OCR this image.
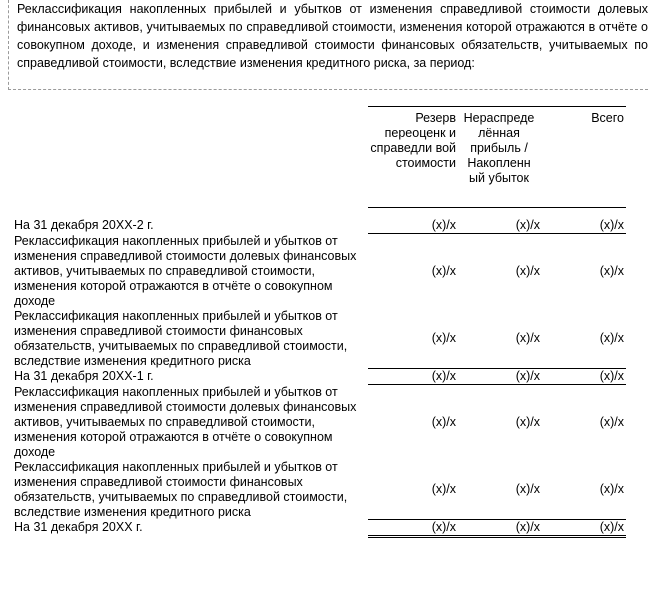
Реклассификация накопленных прибылей и убытков от изменения справедливой стоимости долевых финансовых активов, учитываемых по справедливой стоимости, изменения которой отражаются в отчёте о совокупном доходе, и изменения справедливой стоимости финансовых обязательств, учитываемых по справедливой стоимости, вследствие изменения кредитного риска, за период:

		Резерв переоценк и справедли вой стоимости	Нераспреде лённая прибыль / Накопленн ый убыток	Всего

На 31 декабря 20XX-2 г.		(x)/x	(x)/x	(x)/x
Реклассификация накопленных прибылей и убытков от изменения справедливой стоимости долевых финансовых активов, учитываемых по справедливой стоимости, изменения которой отражаются в отчёте о совокупном доходе		(x)/x	(x)/x	(x)/x
Реклассификация накопленных прибылей и убытков от изменения справедливой стоимости финансовых обязательств, учитываемых по справедливой стоимости, вследствие изменения кредитного риска		(x)/x	(x)/x	(x)/x
На 31 декабря 20XX-1 г.		(x)/x	(x)/x	(x)/x
Реклассификация накопленных прибылей и убытков от изменения справедливой стоимости долевых финансовых активов, учитываемых по справедливой стоимости, изменения которой отражаются в отчёте о совокупном доходе		(x)/x	(x)/x	(x)/x
Реклассификация накопленных прибылей и убытков от изменения справедливой стоимости финансовых обязательств, учитываемых по справедливой стоимости, вследствие изменения кредитного риска		(x)/x	(x)/x	(x)/x
На 31 декабря 20XX г.		(x)/x	(x)/x	(x)/x
